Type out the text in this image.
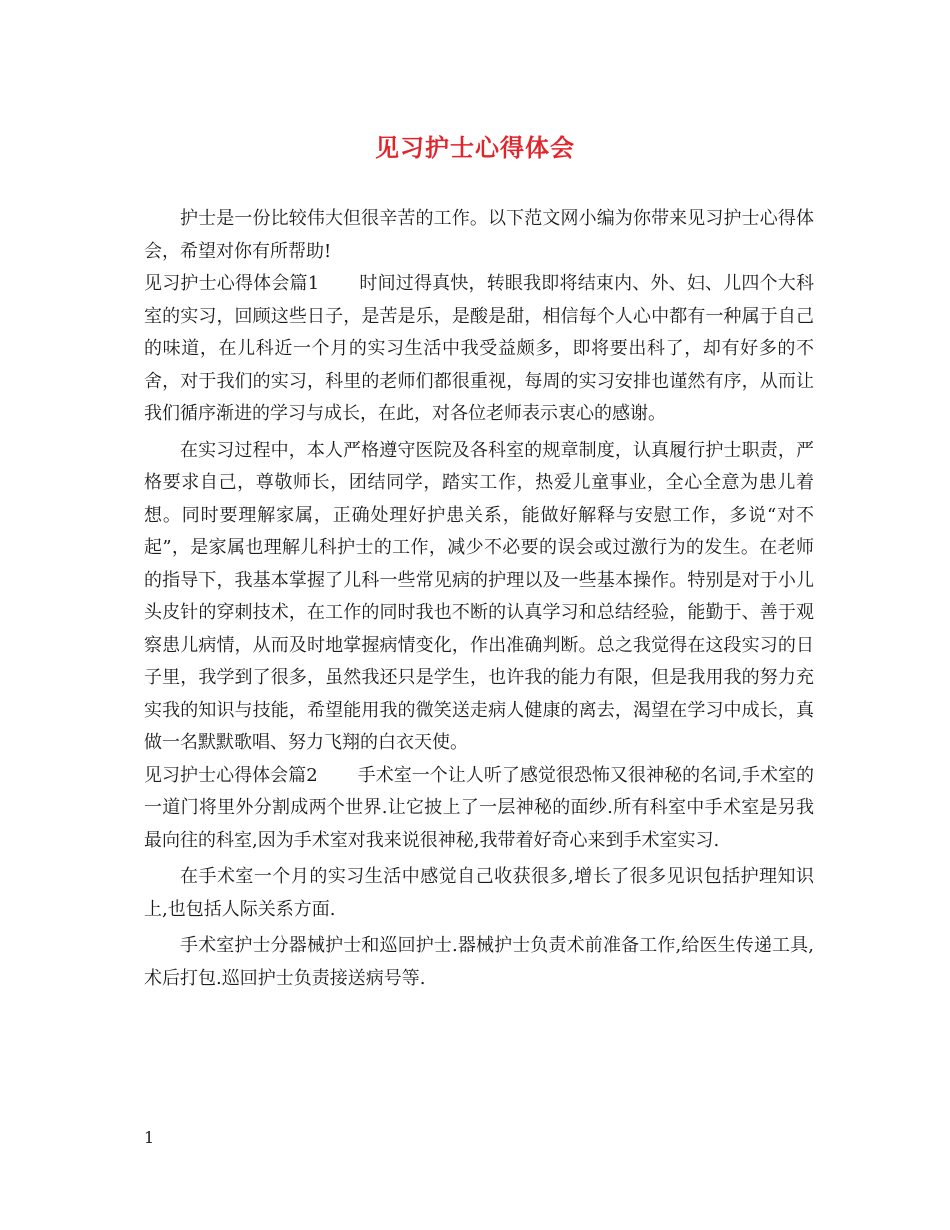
见习护士心得体会

护士是一份比较伟大但很辛苦的工作。以下范文网小编为你带来见习护士心得体会，希望对你有所帮助!

见习护士心得体会篇1 时间过得真快，转眼我即将结束内、外、妇、儿四个大科室的实习，回顾这些日子，是苦是乐，是酸是甜，相信每个人心中都有一种属于自己的味道，在儿科近一个月的实习生活中我受益颇多，即将要出科了，却有好多的不舍，对于我们的实习，科里的老师们都很重视，每周的实习安排也谨然有序，从而让我们循序渐进的学习与成长，在此，对各位老师表示衷心的感谢。

在实习过程中，本人严格遵守医院及各科室的规章制度，认真履行护士职责，严格要求自己，尊敬师长，团结同学，踏实工作，热爱儿童事业，全心全意为患儿着想。同时要理解家属，正确处理好护患关系，能做好解释与安慰工作，多说“对不起”，是家属也理解儿科护士的工作，减少不必要的误会或过激行为的发生。在老师的指导下，我基本掌握了儿科一些常见病的护理以及一些基本操作。特别是对于小儿头皮针的穿刺技术，在工作的同时我也不断的认真学习和总结经验，能勤于、善于观察患儿病情，从而及时地掌握病情变化，作出准确判断。总之我觉得在这段实习的日子里，我学到了很多，虽然我还只是学生，也许我的能力有限，但是我用我的努力充实我的知识与技能，希望能用我的微笑送走病人健康的离去，渴望在学习中成长，真做一名默默歌唱、努力飞翔的白衣天使。

见习护士心得体会篇2 手术室一个让人听了感觉很恐怖又很神秘的名词,手术室的一道门将里外分割成两个世界.让它披上了一层神秘的面纱.所有科室中手术室是另我最向往的科室,因为手术室对我来说很神秘,我带着好奇心来到手术室实习.

在手术室一个月的实习生活中感觉自己收获很多,增长了很多见识包括护理知识上,也包括人际关系方面.

手术室护士分器械护士和巡回护士.器械护士负责术前准备工作,给医生传递工具,术后打包.巡回护士负责接送病号等.

1
